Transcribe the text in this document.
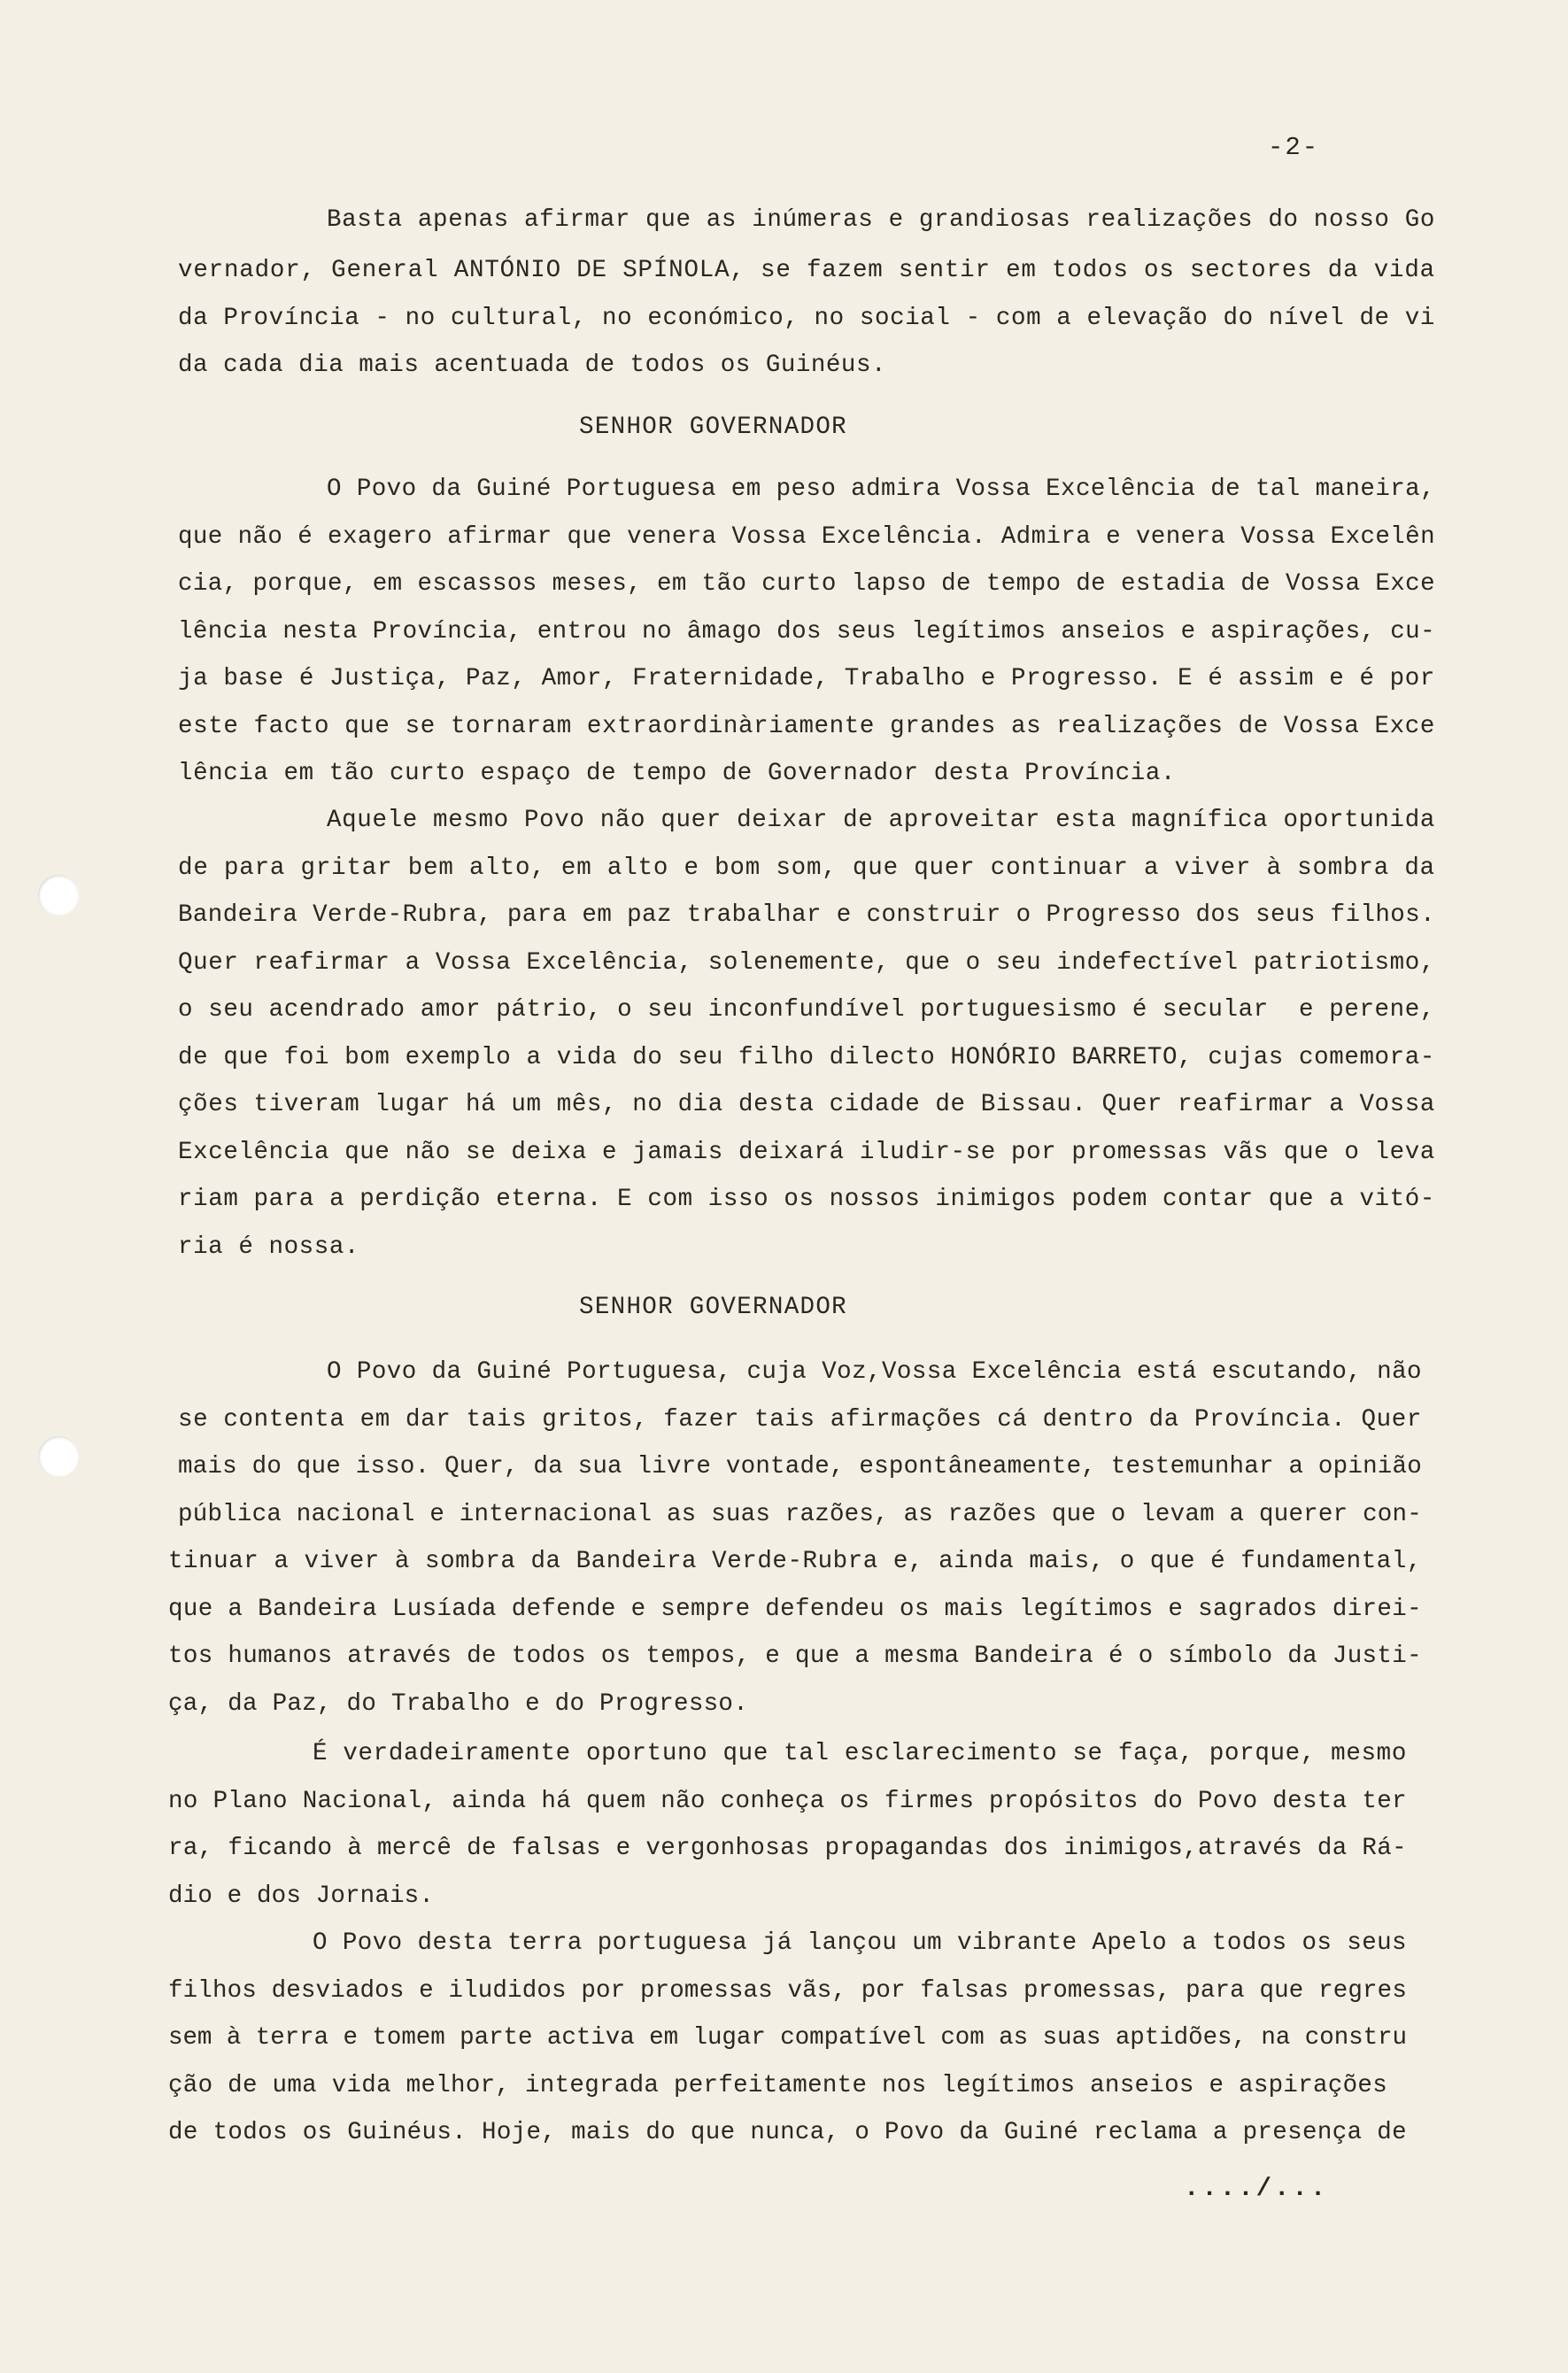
-2-
Basta apenas afirmar que as inúmeras e grandiosas realizações do nosso Go
vernador, General ANTÓNIO DE SPÍNOLA, se fazem sentir em todos os sectores da vida
da Província - no cultural, no económico, no social - com a elevação do nível de vi
da cada dia mais acentuada de todos os Guinéus.
SENHOR GOVERNADOR
O Povo da Guiné Portuguesa em peso admira Vossa Excelência de tal maneira,
que não é exagero afirmar que venera Vossa Excelência. Admira e venera Vossa Excelên
cia, porque, em escassos meses, em tão curto lapso de tempo de estadia de Vossa Exce
lência nesta Província, entrou no âmago dos seus legítimos anseios e aspirações, cu-
ja base é Justiça, Paz, Amor, Fraternidade, Trabalho e Progresso. E é assim e é por
este facto que se tornaram extraordinàriamente grandes as realizações de Vossa Exce
lência em tão curto espaço de tempo de Governador desta Província.
Aquele mesmo Povo não quer deixar de aproveitar esta magnífica oportunida
de para gritar bem alto, em alto e bom som, que quer continuar a viver à sombra da
Bandeira Verde-Rubra, para em paz trabalhar e construir o Progresso dos seus filhos.
Quer reafirmar a Vossa Excelência, solenemente, que o seu indefectível patriotismo,
o seu acendrado amor pátrio, o seu inconfundível portuguesismo é secular  e perene,
de que foi bom exemplo a vida do seu filho dilecto HONÓRIO BARRETO, cujas comemora-
ções tiveram lugar há um mês, no dia desta cidade de Bissau. Quer reafirmar a Vossa
Excelência que não se deixa e jamais deixará iludir-se por promessas vãs que o leva
riam para a perdição eterna. E com isso os nossos inimigos podem contar que a vitó-
ria é nossa.
SENHOR GOVERNADOR
O Povo da Guiné Portuguesa, cuja Voz,Vossa Excelência está escutando, não
se contenta em dar tais gritos, fazer tais afirmações cá dentro da Província. Quer
mais do que isso. Quer, da sua livre vontade, espontâneamente, testemunhar a opinião
pública nacional e internacional as suas razões, as razões que o levam a querer con-
tinuar a viver à sombra da Bandeira Verde-Rubra e, ainda mais, o que é fundamental,
que a Bandeira Lusíada defende e sempre defendeu os mais legítimos e sagrados direi-
tos humanos através de todos os tempos, e que a mesma Bandeira é o símbolo da Justi-
ça, da Paz, do Trabalho e do Progresso.
É verdadeiramente oportuno que tal esclarecimento se faça, porque, mesmo
no Plano Nacional, ainda há quem não conheça os firmes propósitos do Povo desta ter
ra, ficando à mercê de falsas e vergonhosas propagandas dos inimigos,através da Rá-
dio e dos Jornais.
O Povo desta terra portuguesa já lançou um vibrante Apelo a todos os seus
filhos desviados e iludidos por promessas vãs, por falsas promessas, para que regres
sem à terra e tomem parte activa em lugar compatível com as suas aptidões, na constru
ção de uma vida melhor, integrada perfeitamente nos legítimos anseios e aspirações
de todos os Guinéus. Hoje, mais do que nunca, o Povo da Guiné reclama a presença de
..../...
